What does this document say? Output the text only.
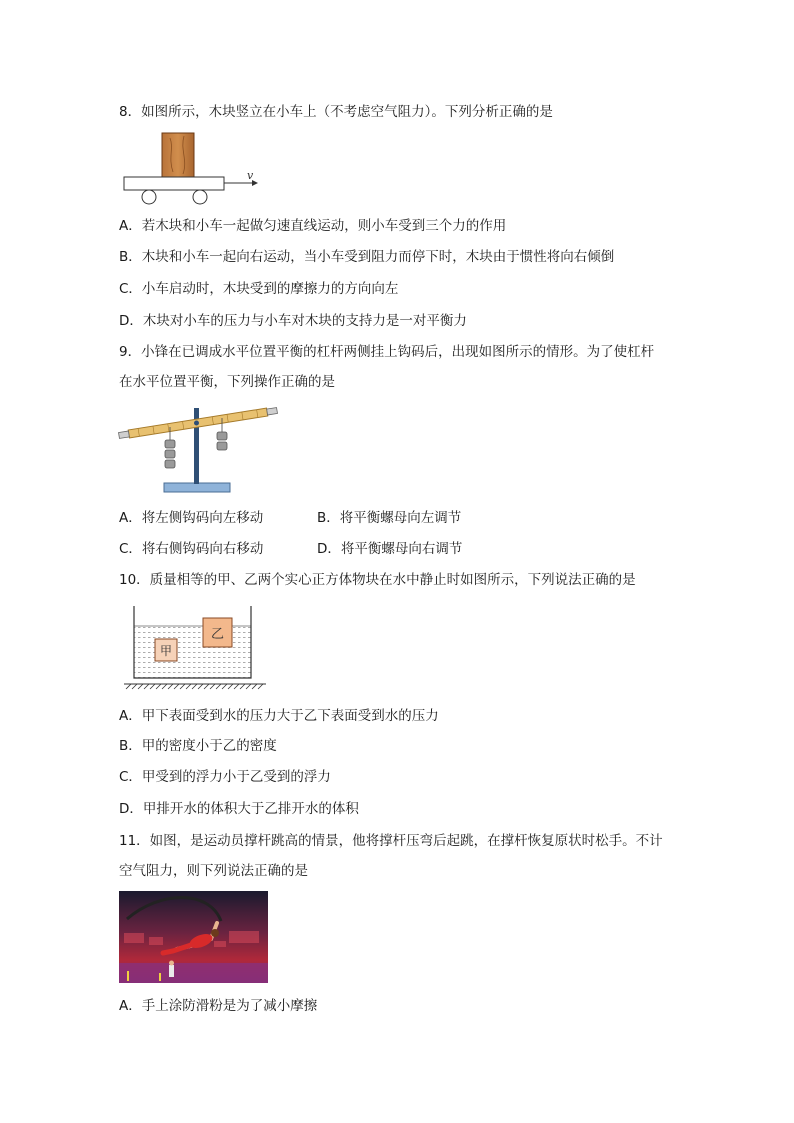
8．如图所示，木块竖立在小车上（不考虑空气阻力）。下列分析正确的是
v
A．若木块和小车一起做匀速直线运动，则小车受到三个力的作用
B．木块和小车一起向右运动，当小车受到阻力而停下时，木块由于惯性将向右倾倒
C．小车启动时，木块受到的摩擦力的方向向左
D．木块对小车的压力与小车对木块的支持力是一对平衡力
9．小锋在已调成水平位置平衡的杠杆两侧挂上钩码后，出现如图所示的情形。为了使杠杆
在水平位置平衡，下列操作正确的是
A．将左侧钩码向左移动	B．将平衡螺母向左调节
C．将右侧钩码向右移动	D．将平衡螺母向右调节
10．质量相等的甲、乙两个实心正方体物块在水中静止时如图所示，下列说法正确的是
甲
乙
A．甲下表面受到水的压力大于乙下表面受到水的压力
B．甲的密度小于乙的密度
C．甲受到的浮力小于乙受到的浮力
D．甲排开水的体积大于乙排开水的体积
11．如图，是运动员撑杆跳高的情景，他将撑杆压弯后起跳，在撑杆恢复原状时松手。不计
空气阻力，则下列说法正确的是
A．手上涂防滑粉是为了减小摩擦
